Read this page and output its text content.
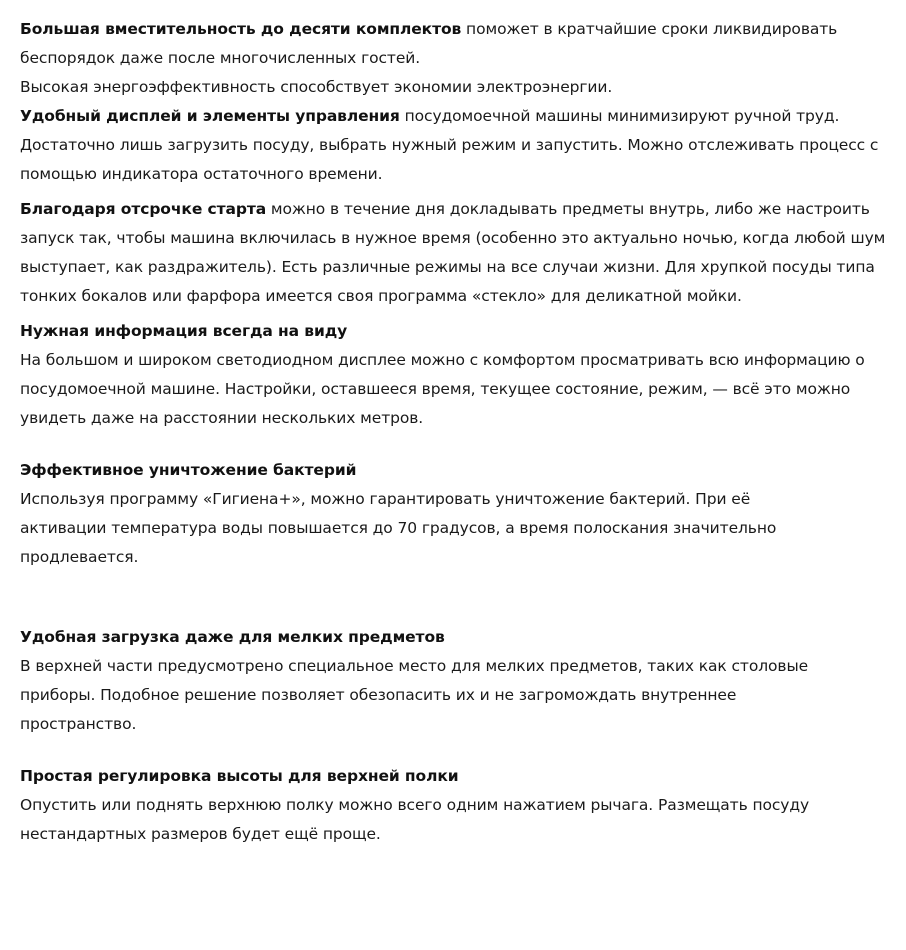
Большая вместительность до десяти комплектов поможет в кратчайшие сроки ликвидировать беспорядок даже после многочисленных гостей.

Высокая энергоэффективность способствует экономии электроэнергии.

Удобный дисплей и элементы управления посудомоечной машины минимизируют ручной труд. Достаточно лишь загрузить посуду, выбрать нужный режим и запустить. Можно отслеживать процесс с помощью индикатора остаточного времени.

Благодаря отсрочке старта можно в течение дня докладывать предметы внутрь, либо же настроить запуск так, чтобы машина включилась в нужное время (особенно это актуально ночью, когда любой шум выступает, как раздражитель). Есть различные режимы на все случаи жизни. Для хрупкой посуды типа тонких бокалов или фарфора имеется своя программа «стекло» для деликатной мойки.

Нужная информация всегда на виду

На большом и широком светодиодном дисплее можно с комфортом просматривать всю информацию о посудомоечной машине. Настройки, оставшееся время, текущее состояние, режим, — всё это можно увидеть даже на расстоянии нескольких метров.

Эффективное уничтожение бактерий

Используя программу «Гигиена+», можно гарантировать уничтожение бактерий. При её активации температура воды повышается до 70 градусов, а время полоскания значительно продлевается.

Удобная загрузка даже для мелких предметов

В верхней части предусмотрено специальное место для мелких предметов, таких как столовые приборы. Подобное решение позволяет обезопасить их и не загромождать внутреннее пространство.

Простая регулировка высоты для верхней полки

Опустить или поднять верхнюю полку можно всего одним нажатием рычага. Размещать посуду нестандартных размеров будет ещё проще.
